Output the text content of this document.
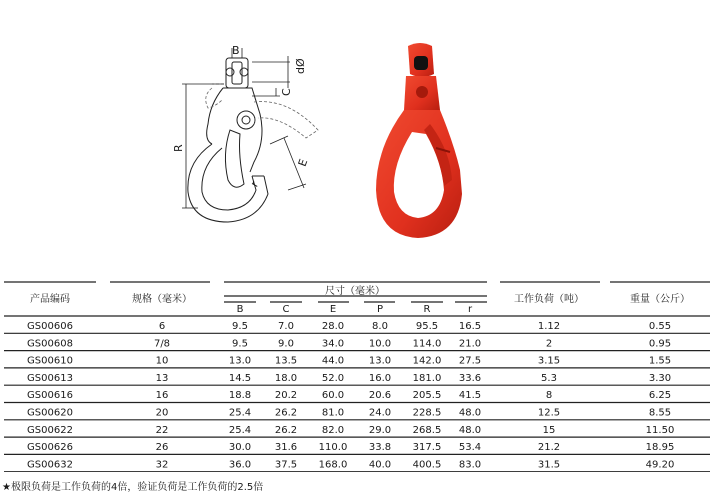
B
dØ
C
R
E
r
产品编码	规格（毫米）
尺寸（毫米）
B	C	E	P	R	r
工作负荷（吨）	重量（公斤）
GS00606	6	9.5	7.0	28.0	8.0	95.5 16.5	1.12	0.55
GS00608	7/8	9.5	9.0	34.0 10.0 114.0 21.0	2	0.95
GS00610	10	13.0 13.5 44.0 13.0 142.0 27.5	3.15	1.55
GS00613	13	14.5 18.0 52.0 16.0 181.0 33.6	5.3	3.30
GS00616	16	18.8 20.2 60.0 20.6 205.5 41.5	8	6.25
GS00620	20	25.4 26.2 81.0 24.0 228.5 48.0	12.5	8.55
GS00622	22	25.4 26.2 82.0 29.0 268.5 48.0	15	11.50
GS00626	26	30.0 31.6 110.0 33.8 317.5 53.4	21.2	18.95
GS00632	32	36.0 37.5 168.0 40.0 400.5 83.0	31.5	49.20
★极限负荷是工作负荷的4倍，验证负荷是工作负荷的2.5倍
